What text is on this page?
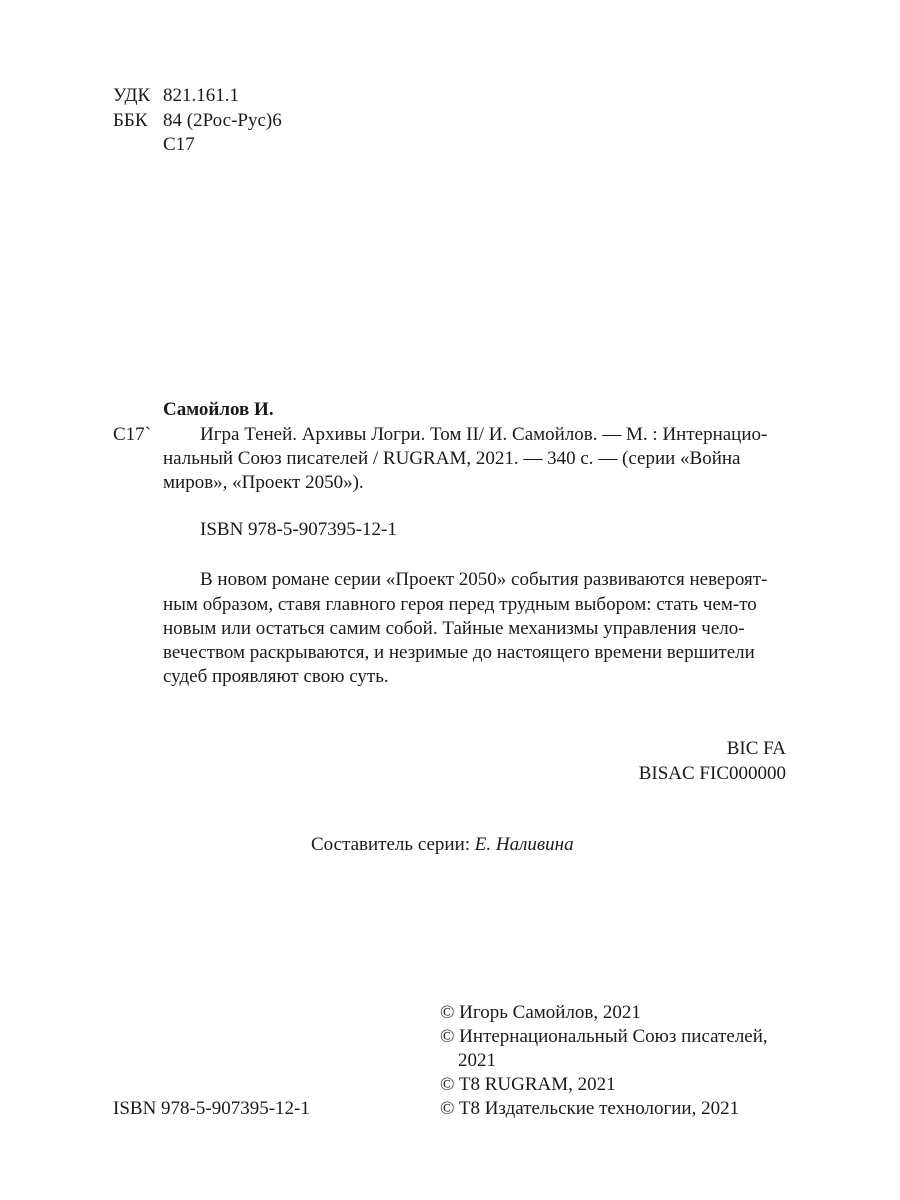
УДК 821.161.1
ББК 84 (2Рос-Рус)6
С17
Самойлов И.
С17`	Игра Теней. Архивы Логри. Том II/ И. Самойлов. — М. : Интернацио-
нальный Союз писателей / RUGRAM, 2021. — 340 с. — (серии «Война
миров», «Проект 2050»).
ISBN 978-5-907395-12-1
В новом романе серии «Проект 2050» события развиваются невероят-
ным образом, ставя главного героя перед трудным выбором: стать чем-то
новым или остаться самим собой. Тайные механизмы управления чело-
вечеством раскрываются, и незримые до настоящего времени вершители
судеб проявляют свою суть.
BIC FA
BISAC FIC000000
Составитель серии: Е. Наливина
ISBN 978-5-907395-12-1
© Игорь Самойлов, 2021
© Интернациональный Союз писателей,
2021
© T8 RUGRAM, 2021
© T8 Издательские технологии, 2021
